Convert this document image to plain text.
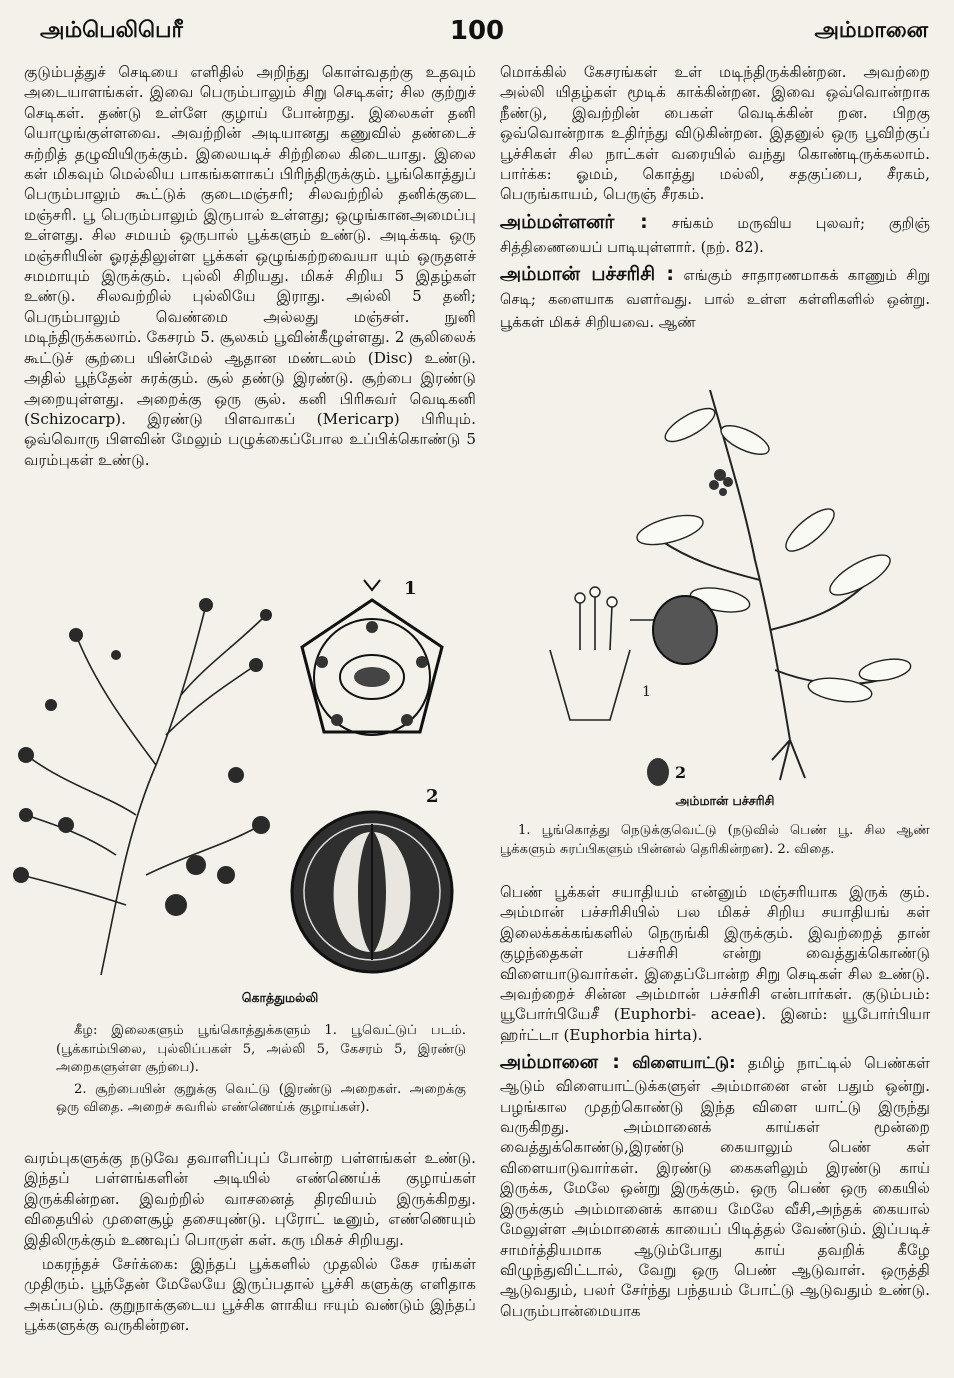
அம்பெலிபெரீ	100	அம்மானை

குடும்பத்துச் செடியை எளிதில் அறிந்து கொள்வதற்கு உதவும் அடையாளங்கள். இவை பெரும்பாலும் சிறு செடிகள்; சில குற்றுச் செடிகள். தண்டு உள்ளே குழாய் போன்றது. இலைகள் தனி யொழுங்குள்ளவை. அவற்றின் அடியானது கணுவில் தண்டைச் சுற்றித் தழுவியிருக்கும். இலையடிச் சிற்றிலை கிடையாது. இலை கள் மிகவும் மெல்லிய பாகங்களாகப் பிரிந்திருக்கும். பூங்கொத்துப் பெரும்பாலும் கூட்டுக் குடைமஞ்சரி; சிலவற்றில் தனிக்குடை மஞ்சரி. பூ பெரும்பாலும் இருபால் உள்ளது; ஒழுங்கானஅமைப்பு உள்ளது. சில சமயம் ஒருபால் பூக்களும் உண்டு. அடிக்கடி ஒரு மஞ்சரியின் ஓரத்திலுள்ள பூக்கள் ஒழுங்கற்றவையா யும் ஒருதளச் சமமாயும் இருக்கும். புல்லி சிறியது. மிகச் சிறிய 5 இதழ்கள் உண்டு. சிலவற்றில் புல்லியே இராது. அல்லி 5 தனி; பெரும்பாலும் வெண்மை அல்லது மஞ்சள். நுனி மடிந்திருக்கலாம். கேசரம் 5. சூலகம் பூவின்கீழுள்ளது. 2 சூலிலைக் கூட்டுச் சூற்பை யின்மேல் ஆதான மண்டலம் (Disc) உண்டு. அதில் பூந்தேன் சுரக்கும். சூல் தண்டு இரண்டு. சூற்பை இரண்டு அறையுள்ளது. அறைக்கு ஒரு சூல். கனி பிரிசுவர் வெடிகனி (Schizocarp). இரண்டு பிளவாகப் (Mericarp) பிரியும். ஒவ்வொரு பிளவின் மேலும் பழுக்கைப்போல உப்பிக்கொண்டு 5 வரம்புகள் உண்டு.

மொக்கில் கேசரங்கள் உள் மடிந்திருக்கின்றன. அவற்றை அல்லி யிதழ்கள் மூடிக் காக்கின்றன. இவை ஒவ்வொன்றாக நீண்டு, இவற்றின் பைகள் வெடிக்கின் றன. பிறகு ஒவ்வொன்றாக உதிர்ந்து விடுகின்றன. இதனுல் ஒரு பூவிற்குப் பூச்சிகள் சில நாட்கள் வரையில் வந்து கொண்டிருக்கலாம். பார்க்க: ஓமம், கொத்து மல்லி, சதகுப்பை, சீரகம், பெருங்காயம், பெருஞ் சீரகம்.

அம்மள்ளனர் : சங்கம் மருவிய புலவர்; குறிஞ் சித்திணையைப் பாடியுள்ளார். (நற். 82).

அம்மான் பச்சரிசி : எங்கும் சாதாரணமாகக் காணும் சிறு செடி; களையாக வளர்வது. பால் உள்ள கள்ளிகளில் ஒன்று. பூக்கள் மிகச் சிறியவை. ஆண்

1
2
கொத்துமல்லி

கீழ: இலைகளும் பூங்கொத்துக்களும் 1. பூவெட்டுப் படம். (பூக்காம்பிலை, புல்லிப்பகள் 5, அல்லி 5, கேசரம் 5, இரண்டு அறைகளுள்ள சூற்பை).

2. சூற்பையின் குறுக்கு வெட்டு (இரண்டு அறைகள். அறைக்கு ஒரு விதை. அறைச் சுவரில் எண்ணெய்க் குழாய்கள்).

1
2
அம்மான் பச்சரிசி

1. பூங்கொத்து நெடுக்குவெட்டு (நடுவில் பெண் பூ. சில ஆண் பூக்களும் சுரப்பிகளும் பின்னல் தெரிகின்றன). 2. விதை.

பெண் பூக்கள் சயாதியம் என்னும் மஞ்சரியாக இருக் கும். அம்மான் பச்சரிசியில் பல மிகச் சிறிய சயாதியங் கள் இலைக்கக்கங்களில் நெருங்கி இருக்கும். இவற்றைத் தான் குழந்தைகள் பச்சரிசி என்று வைத்துக்கொண்டு விளையாடுவார்கள். இதைப்போன்ற சிறு செடிகள் சில உண்டு. அவற்றைச் சின்ன அம்மான் பச்சரிசி என்பார்கள். குடும்பம்: யூபோர்பியேசீ (Euphorbi- aceae). இனம்: யூபோர்பியா ஹர்ட்டா (Euphorbia hirta).

அம்மானை : விளையாட்டு: தமிழ் நாட்டில் பெண்கள் ஆடும் விளையாட்டுக்களுள் அம்மானை என் பதும் ஒன்று. பழங்கால முதற்கொண்டு இந்த விளை யாட்டு இருந்து வருகிறது. அம்மானைக் காய்கள் மூன்றை வைத்துக்கொண்டு,இரண்டு கையாலும் பெண் கள் விளையாடுவார்கள். இரண்டு கைகளிலும் இரண்டு காய் இருக்க, மேலே ஒன்று இருக்கும். ஒரு பெண் ஒரு கையில் இருக்கும் அம்மானைக் காயை மேலே வீசி,அந்தக் கையால் மேலுள்ள அம்மானைக் காயைப் பிடித்தல் வேண்டும். இப்படிச் சாமர்த்தியமாக ஆடும்போது காய் தவறிக் கீழே விழுந்துவிட்டால், வேறு ஒரு பெண் ஆடுவாள். ஒருத்தி ஆடுவதும், பலர் சேர்ந்து பந்தயம் போட்டு ஆடுவதும் உண்டு. பெரும்பான்மையாக

வரம்புகளுக்கு நடுவே தவாளிப்புப் போன்ற பள்ளங்கள் உண்டு. இந்தப் பள்ளங்களின் அடியில் எண்ணெய்க் குழாய்கள் இருக்கின்றன. இவற்றில் வாசனைத் திரவியம் இருக்கிறது. விதையில் முளைசூழ் தசையுண்டு. புரோட் டீனும், எண்ணெயும் இதிலிருக்கும் உணவுப் பொருள் கள். கரு மிகச் சிறியது.

மகரந்தச் சேர்க்கை: இந்தப் பூக்களில் முதலில் கேச ரங்கள் முதிரும். பூந்தேன் மேலேயே இருப்பதால் பூச்சி களுக்கு எளிதாக அகப்படும். குறுநாக்குடைய பூச்சிக ளாகிய ஈயும் வண்டும் இந்தப் பூக்களுக்கு வருகின்றன.
